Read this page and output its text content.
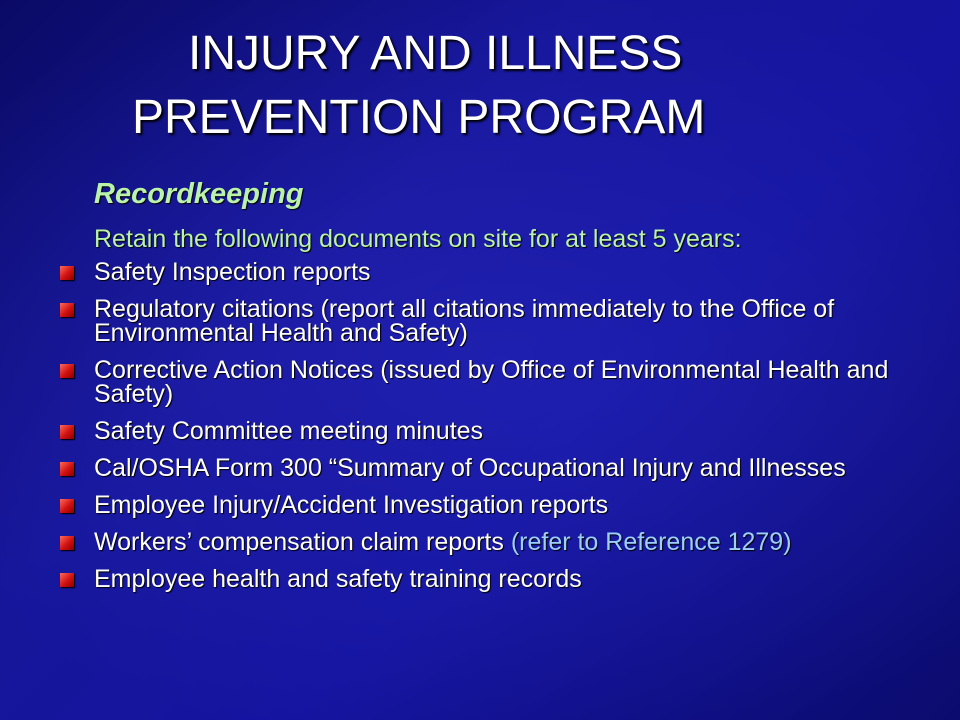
INJURY AND ILLNESS
PREVENTION PROGRAM
Recordkeeping
Retain the following documents on site for at least 5 years:
Safety Inspection reports
Regulatory citations (report all citations immediately to the Office of Environmental Health and Safety)
Corrective Action Notices (issued by Office of Environmental Health and Safety)
Safety Committee meeting minutes
Cal/OSHA Form 300 “Summary of Occupational Injury and Illnesses
Employee Injury/Accident Investigation reports
Workers’ compensation claim reports (refer to Reference 1279)
Employee health and safety training records
